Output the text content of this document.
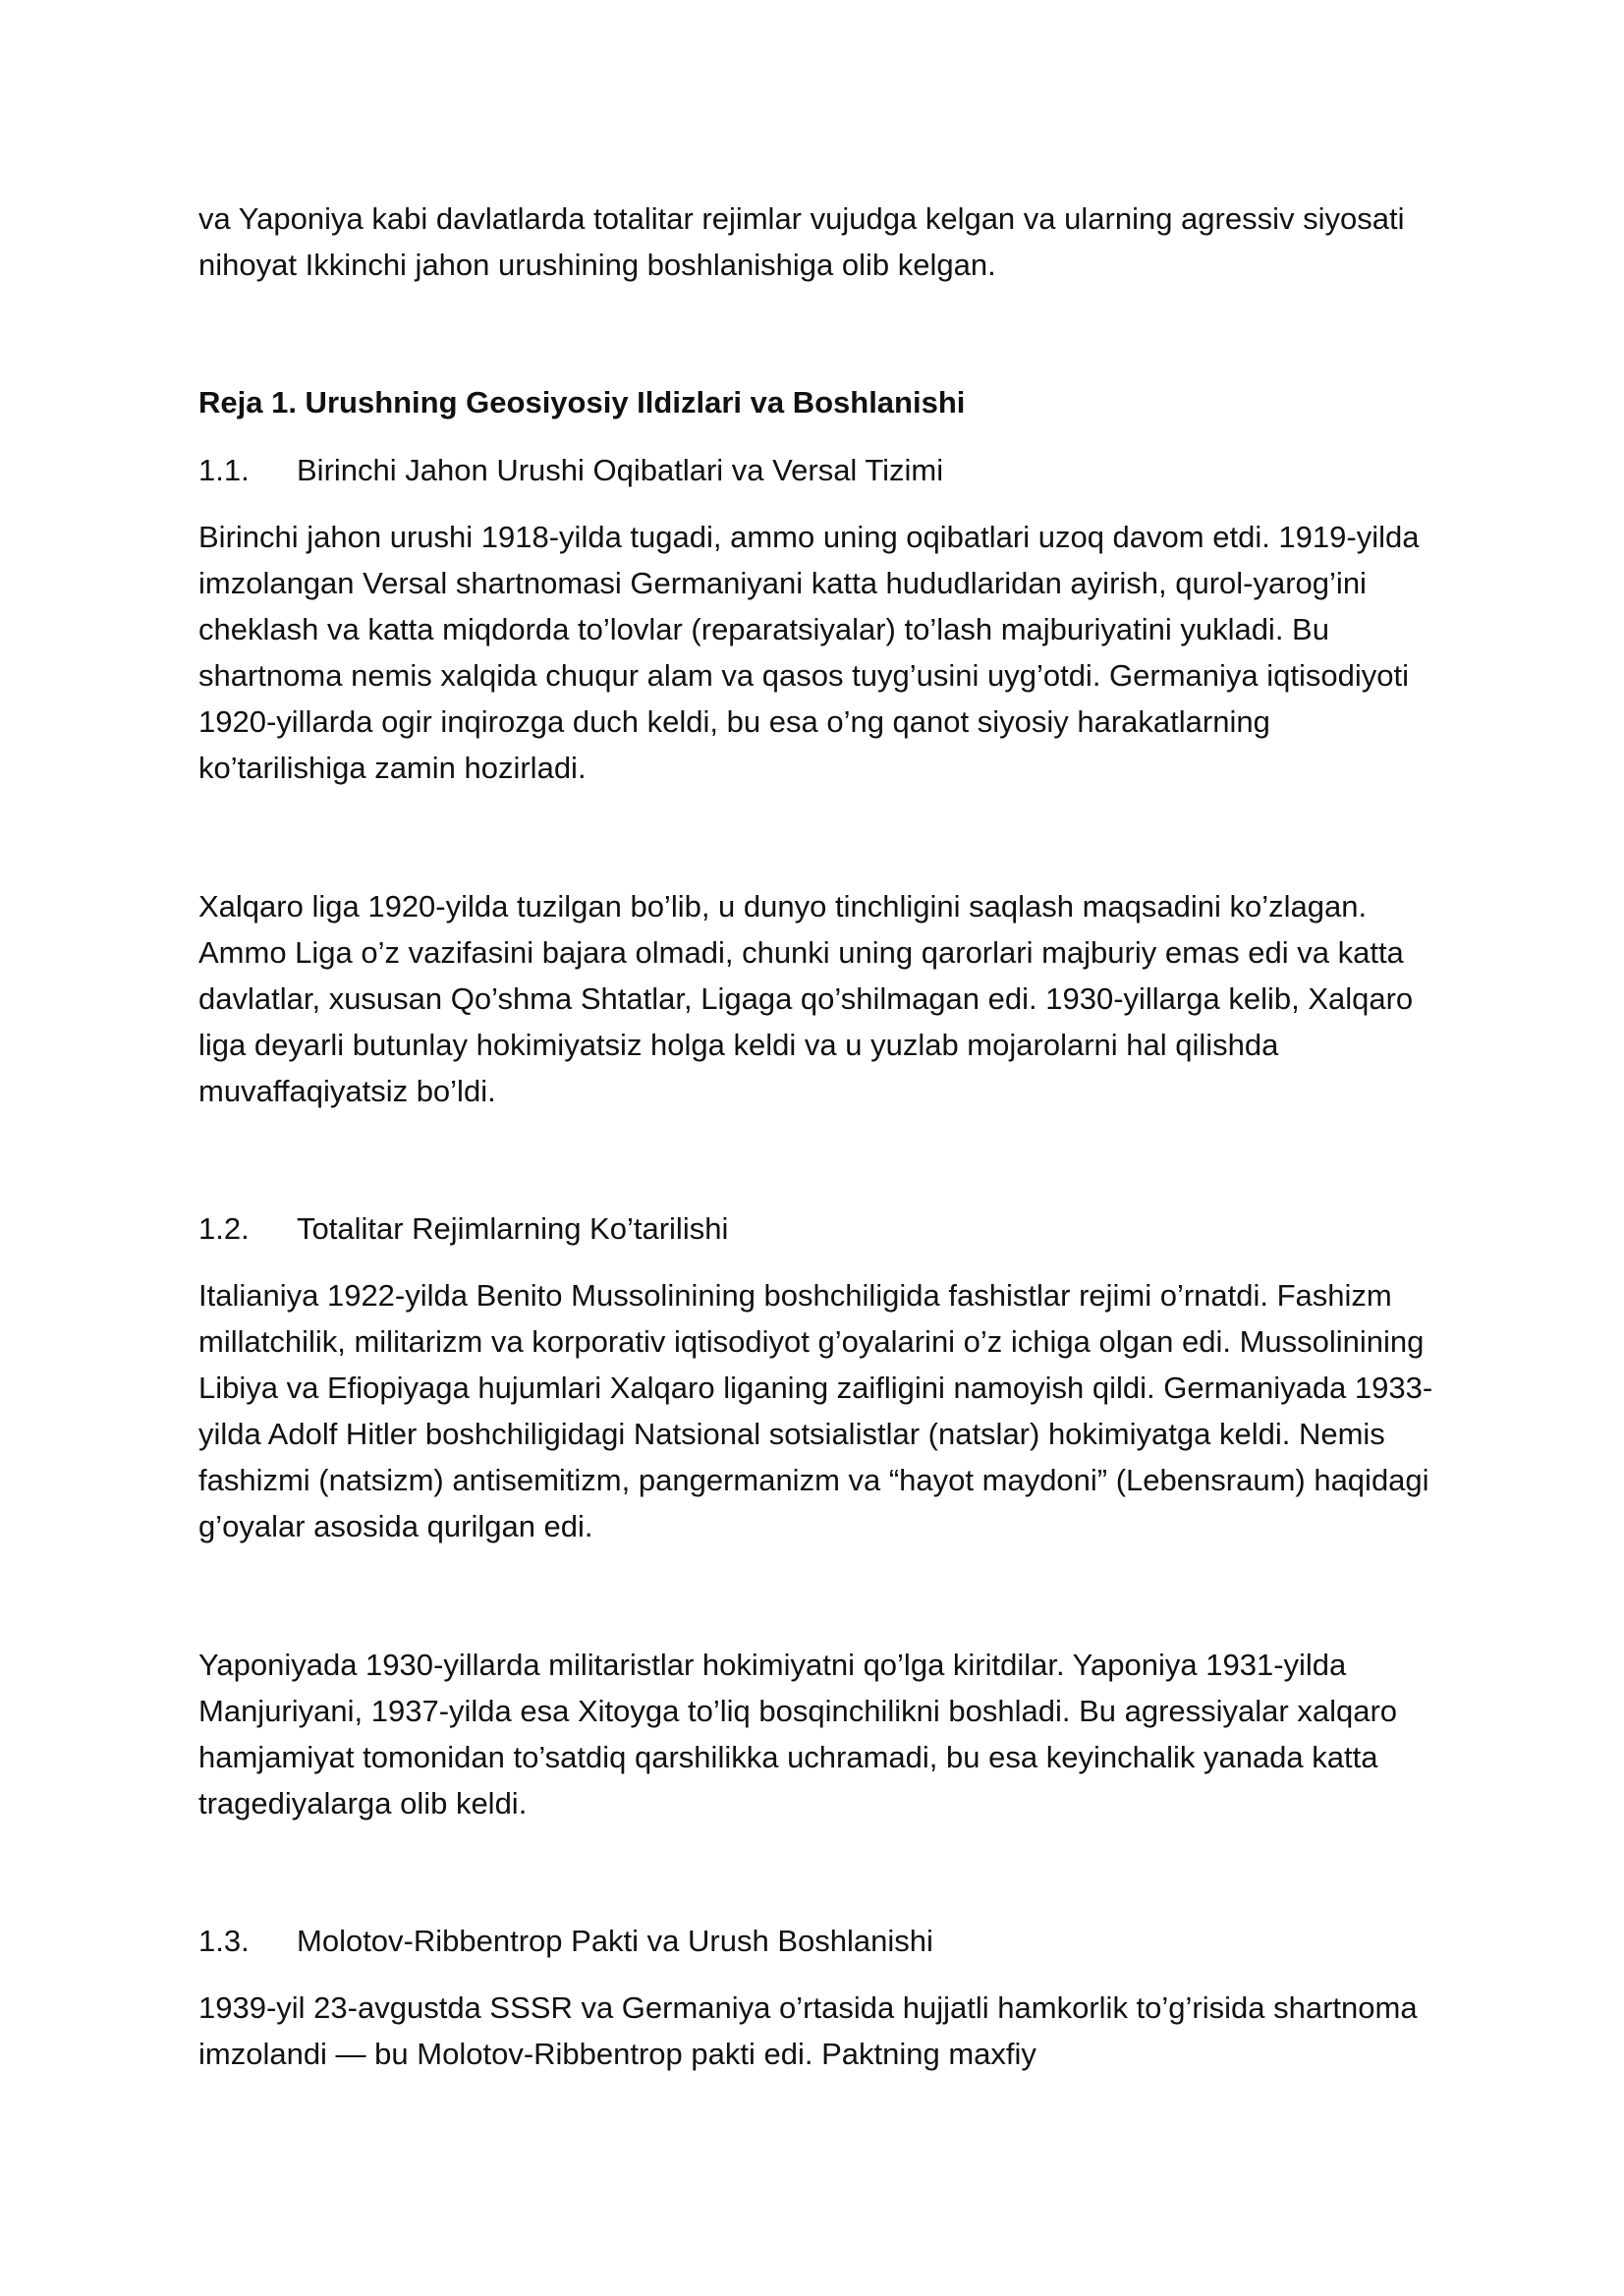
va Yaponiya kabi davlatlarda totalitar rejimlar vujudga kelgan va ularning agressiv siyosati nihoyat Ikkinchi jahon urushining boshlanishiga olib kelgan.

Reja 1. Urushning Geosiyosiy Ildizlari va Boshlanishi

1.1.	Birinchi Jahon Urushi Oqibatlari va Versal Tizimi

Birinchi jahon urushi 1918-yilda tugadi, ammo uning oqibatlari uzoq davom etdi. 1919-yilda imzolangan Versal shartnomasi Germaniyani katta hududlaridan ayirish, qurol-yarog’ini cheklash va katta miqdorda to’lovlar (reparatsiyalar) to’lash majburiyatini yukladi. Bu shartnoma nemis xalqida chuqur alam va qasos tuyg’usini uyg’otdi. Germaniya iqtisodiyoti 1920-yillarda ogir inqirozga duch keldi, bu esa o’ng qanot siyosiy harakatlarning ko’tarilishiga zamin hozirladi.

Xalqaro liga 1920-yilda tuzilgan bo’lib, u dunyo tinchligini saqlash maqsadini ko’zlagan. Ammo Liga o’z vazifasini bajara olmadi, chunki uning qarorlari majburiy emas edi va katta davlatlar, xususan Qo’shma Shtatlar, Ligaga qo’shilmagan edi. 1930-yillarga kelib, Xalqaro liga deyarli butunlay hokimiyatsiz holga keldi va u yuzlab mojarolarni hal qilishda muvaffaqiyatsiz bo’ldi.

1.2.	Totalitar Rejimlarning Ko’tarilishi

Italianiya 1922-yilda Benito Mussolinining boshchiligida fashistlar rejimi o’rnatdi. Fashizm millatchilik, militarizm va korporativ iqtisodiyot g’oyalarini o’z ichiga olgan edi. Mussolinining Libiya va Efiopiyaga hujumlari Xalqaro liganing zaifligini namoyish qildi. Germaniyada 1933-yilda Adolf Hitler boshchiligidagi Natsional sotsialistlar (natslar) hokimiyatga keldi. Nemis fashizmi (natsizm) antisemitizm, pangermanizm va “hayot maydoni” (Lebensraum) haqidagi g’oyalar asosida qurilgan edi.

Yaponiyada 1930-yillarda militaristlar hokimiyatni qo’lga kiritdilar. Yaponiya 1931-yilda Manjuriyani, 1937-yilda esa Xitoyga to’liq bosqinchilikni boshladi. Bu agressiyalar xalqaro hamjamiyat tomonidan to’satdiq qarshilikka uchramadi, bu esa keyinchalik yanada katta tragediyalarga olib keldi.

1.3.	Molotov-Ribbentrop Pakti va Urush Boshlanishi

1939-yil 23-avgustda SSSR va Germaniya o’rtasida hujjatli hamkorlik to’g’risida shartnoma imzolandi — bu Molotov-Ribbentrop pakti edi. Paktning maxfiy
